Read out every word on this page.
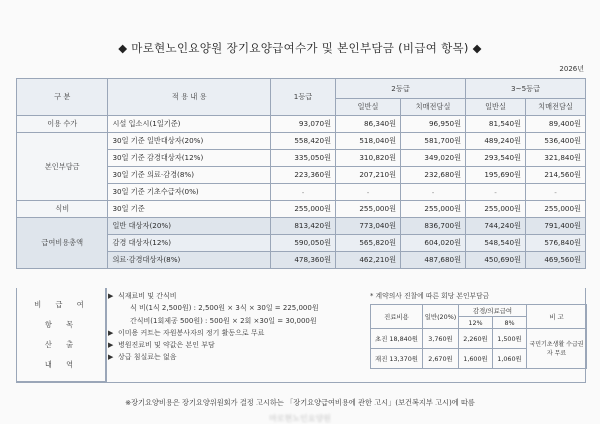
◆ 마로현노인요양원 장기요양급여수가 및 본인부담금 (비급여 항목) ◆
2026년
구 분	적 용 내 용	1등급	2등급		3~5등급	
			일반실	치매전담실	일반실	치매전담실
이용 수가	시설 입소시(1일기준)	93,070원	86,340원	96,950원	81,540원	89,400원
본인부담금	30일 기준 일반대상자(20%)	558,420원	518,040원	581,700원	489,240원	536,400원
	30일 기준 감경대상자(12%)	335,050원	310,820원	349,020원	293,540원	321,840원
	30일 기준 의료·감경(8%)	223,360원	207,210원	232,680원	195,690원	214,560원
	30일 기준 기초수급자(0%)	-	-	-	-	-
식비	30일 기준	255,000원	255,000원	255,000원	255,000원	255,000원
급여비용총액	일반 대상자(20%)	813,420원	773,040원	836,700원	744,240원	791,400원
	감경 대상자(12%)	590,050원	565,820원	604,020원	548,540원	576,840원
	의료·감경대상자(8%)	478,360원	462,210원	487,680원	450,690원	469,560원
비 급 여
항 목
산 출
내 역
▶ 식재료비 및 간식비
식 비(1식 2,500원) : 2,500원 × 3식 × 30일 = 225,000원
간식비(1회제공 500원) : 500원 × 2회 ×30일 = 30,000원
▶ 이미용 커트는 자원봉사자의 정기 활동으로 무료
▶ 병원진료비 및 약값은 본인 부담
▶ 상급 침실료는 없음
* 계약의사 진찰에 따른 회당 본인부담금
진료비용	일반(20%)	감경/의료급여		비 고
		12%	8%	
초진 18,840원	3,760원	2,260원	1,500원	국민기초생활 수급권자 무료
재진 13,370원	2,670원	1,600원	1,060원	
※장기요양비용은 장기요양위원회가 결정 고시하는 「장기요양급여비용에 관한 고시」(보건복지부 고시)에 따름
마로현노인요양원
